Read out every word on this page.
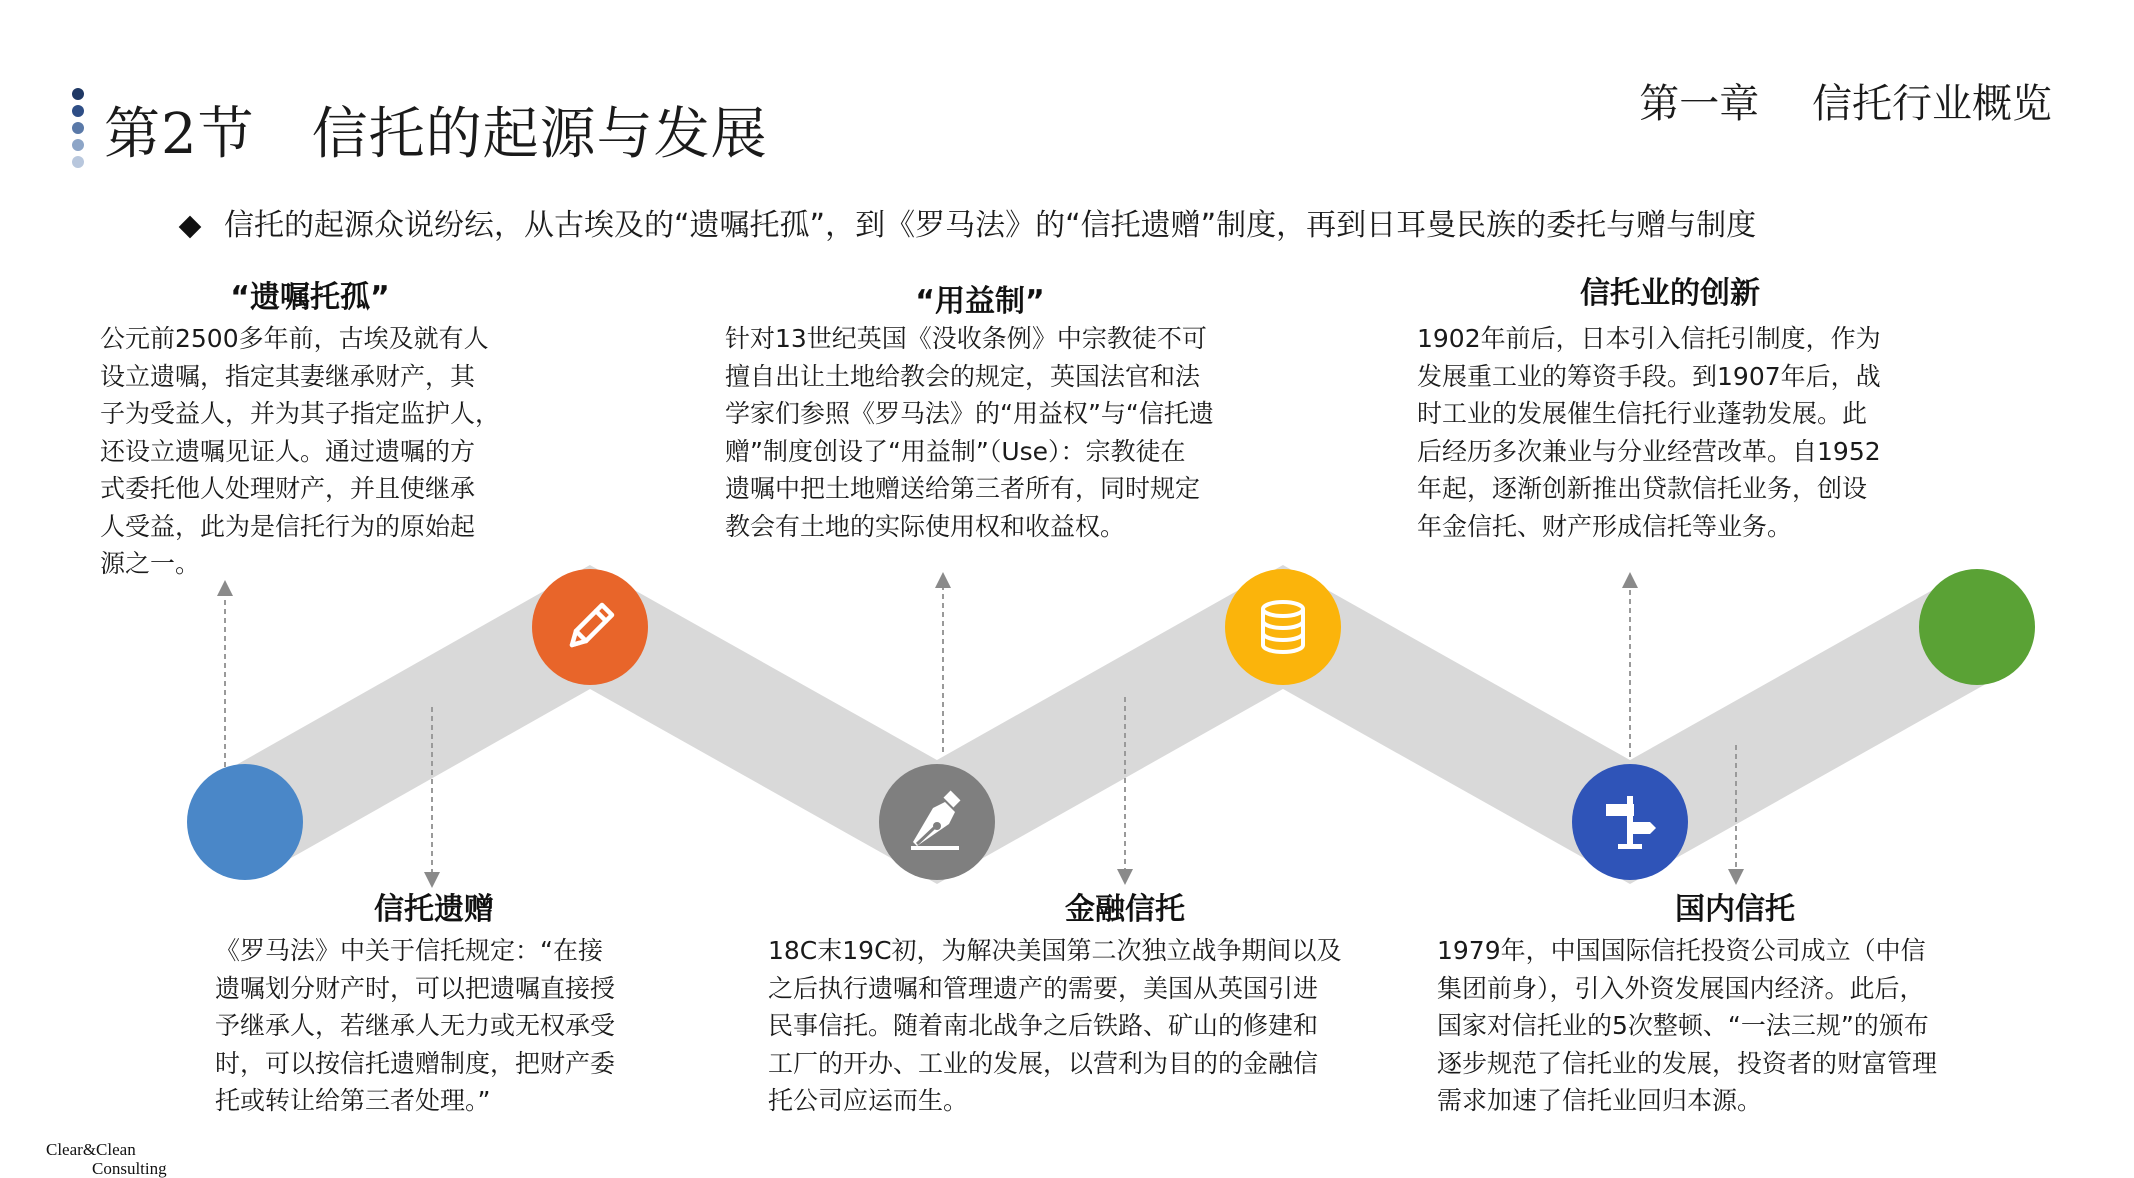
第2节　信托的起源与发展	第一章　 信托行业概览
信托的起源众说纷纭，从古埃及的“遗嘱托孤”，到《罗马法》的“信托遗赠”制度，再到日耳曼民族的委托与赠与制度
“遗嘱托孤”
公元前2500多年前，古埃及就有人
设立遗嘱，指定其妻继承财产，其
子为受益人，并为其子指定监护人，
还设立遗嘱见证人。通过遗嘱的方
式委托他人处理财产，并且使继承
人受益，此为是信托行为的原始起
源之一。
“用益制”
针对13世纪英国《没收条例》中宗教徒不可
擅自出让土地给教会的规定，英国法官和法
学家们参照《罗马法》的“用益权”与“信托遗
赠”制度创设了“用益制”（Use）：宗教徒在
遗嘱中把土地赠送给第三者所有，同时规定
教会有土地的实际使用权和收益权。
信托业的创新
1902年前后，日本引入信托引制度，作为
发展重工业的筹资手段。到1907年后，战
时工业的发展催生信托行业蓬勃发展。此
后经历多次兼业与分业经营改革。自1952
年起，逐渐创新推出贷款信托业务，创设
年金信托、财产形成信托等业务。
信托遗赠
《罗马法》中关于信托规定：“在接
遗嘱划分财产时，可以把遗嘱直接授
予继承人，若继承人无力或无权承受
时，可以按信托遗赠制度，把财产委
托或转让给第三者处理。”
金融信托
18C末19C初，为解决美国第二次独立战争期间以及
之后执行遗嘱和管理遗产的需要，美国从英国引进
民事信托。随着南北战争之后铁路、矿山的修建和
工厂的开办、工业的发展，以营利为目的的金融信
托公司应运而生。
国内信托
1979年，中国国际信托投资公司成立（中信
集团前身），引入外资发展国内经济。此后，
国家对信托业的5次整顿、“一法三规”的颁布
逐步规范了信托业的发展，投资者的财富管理
需求加速了信托业回归本源。
Clear&Clean
Consulting
